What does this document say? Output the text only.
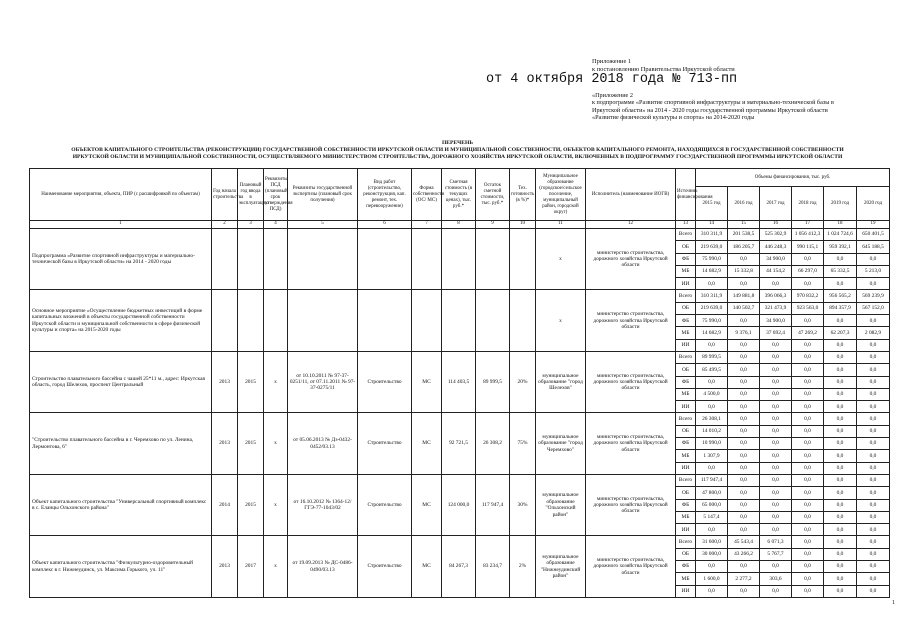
Приложение 1
к постановлению Правительства Иркутской области
от 4 октября 2018 года № 713-пп
«Приложение 2
к подпрограмме «Развитие спортивной инфраструктуры и материально-технической базы в
Иркутской области» на 2014 - 2020 годы государственной программы Иркутской области
«Развитие физической культуры и спорта» на 2014-2020 годы
ПЕРЕЧЕНЬ
ОБЪЕКТОВ КАПИТАЛЬНОГО СТРОИТЕЛЬСТВА (РЕКОНСТРУКЦИИ) ГОСУДАРСТВЕННОЙ СОБСТВЕННОСТИ ИРКУТСКОЙ ОБЛАСТИ И МУНИЦИПАЛЬНОЙ СОБСТВЕННОСТИ, ОБЪЕКТОВ КАПИТАЛЬНОГО РЕМОНТА, НАХОДЯЩИХСЯ В ГОСУДАРСТВЕННОЙ СОБСТВЕННОСТИ
ИРКУТСКОЙ ОБЛАСТИ И МУНИЦИПАЛЬНОЙ СОБСТВЕННОСТИ, ОСУЩЕСТВЛЯЕМОГО МИНИСТЕРСТВОМ СТРОИТЕЛЬСТВА, ДОРОЖНОГО ХОЗЯЙСТВА ИРКУТСКОЙ ОБЛАСТИ, ВКЛЮЧЕННЫХ В ПОДПРОГРАММУ ГОСУДАРСТВЕННОЙ ПРОГРАММЫ ИРКУТСКОЙ ОБЛАСТИ
Наименование мероприятия, объекта, ПИР (с расшифровкой по объектам)	Год начала строительства	Плановый год ввода в эксплуатацию	Реквизиты ПСД (плановый срок утверждения ПСД)	Реквизиты государственной экспертизы (плановый срок получения)	Вид работ (строительство, реконструкция, кап. ремонт, тех. перевооружение)	Форма собственности (ОС/ МС)	Сметная стоимость (в текущих ценах), тыс. руб.*	Остаток сметной стоимости, тыс. руб.*	Тех. готовность (в %)*	Муниципальное образование (городское/сельское поселение, муниципальный район, городской округ)	Исполнитель (наименование ИОГВ)	Источник финансирования	Объемы финансирования, тыс. руб.					
													2015 год	2016 год	2017 год	2018 год	2019 год	2020 год
1	2	3	4	5	6	7	8	9	10	11	12	13	14	15	16	17	18	19
Подпрограмма «Развитие спортивной инфраструктуры и материально-технической базы в Иркутской области» на 2014 - 2020 годы										х	министерство строительства, дорожного хозяйства Иркутской области	Всего	310 311,9	201 538,5	525 302,9	1 056 412,3	1 024 724,6	650 401,5
												ОБ	219 639,0	186 205,7	446 248,3	990 115,1	959 392,1	645 188,5
												ФБ	75 990,0	0,0	34 900,0	0,0	0,0	0,0
												МБ	14 682,9	15 332,8	44 154,2	66 297,0	65 332,5	5 213,0
												ИИ	0,0	0,0	0,0	0,0	0,0	0,0
Основное мероприятие «Осуществление бюджетных инвестиций в форме капитальных вложений в объекты государственной собственности Иркутской области и муниципальной собственности в сфере физической культуры и спорта» на 2015-2020 годы										х	министерство строительства, дорожного хозяйства Иркутской области	Всего	310 311,9	149 881,8	396 066,3	970 832,2	956 565,2	569 239,9
												ОБ	219 639,0	140 502,7	321 473,9	923 563,0	894 357,9	567 152,0
												ФБ	75 990,0	0,0	34 900,0	0,0	0,0	0,0
												МБ	14 682,9	9 376,1	37 692,4	47 269,2	62 207,3	2 082,9
												ИИ	0,0	0,0	0,0	0,0	0,0	0,0
Строительство плавательного бассейна с чашей 25*11 м., адрес: Иркутская область, город Шелехов, проспект Центральный	2013	2015	х	от 10.10.2011 № 97-37-0251/11, от 07.11.2011 № 97-37-0275/11	Строительство	МС	114 403,5	89 999,5	20%	муниципальное образование "город Шелехов"	министерство строительства, дорожного хозяйства Иркутской области	Всего	89 999,5	0,0	0,0	0,0	0,0	0,0
												ОБ	85 499,5	0,0	0,0	0,0	0,0	0,0
												ФБ	0,0	0,0	0,0	0,0	0,0	0,0
												МБ	4 500,0	0,0	0,0	0,0	0,0	0,0
												ИИ	0,0	0,0	0,0	0,0	0,0	0,0
"Строительство плавательного бассейна в г. Черемхово по ул. Ленина, Лермонтова, 6"	2013	2015	х	от 05.06.2013 № Дз-0432-0452/03.13	Строительство	МС	92 721,5	26 308,2	75%	муниципальное образование "город Черемхово"	министерство строительства, дорожного хозяйства Иркутской области	Всего	26 308,1	0,0	0,0	0,0	0,0	0,0
												ОБ	14 010,2	0,0	0,0	0,0	0,0	0,0
												ФБ	10 990,0	0,0	0,0	0,0	0,0	0,0
												МБ	1 307,9	0,0	0,0	0,0	0,0	0,0
												ИИ	0,0	0,0	0,0	0,0	0,0	0,0
Объект капитального строительства "Универсальный спортивный комплекс в с. Еланцы Ольхонского района"	2014	2015	х	от 16.10.2012 № 1364-12/ГГЭ-77-1043/02	Строительство	МС	124 000,0	117 947,4	30%	муниципальное образование "Ольхонский район"	министерство строительства, дорожного хозяйства Иркутской области	Всего	117 947,4	0,0	0,0	0,0	0,0	0,0
												ОБ	47 800,0	0,0	0,0	0,0	0,0	0,0
												ФБ	65 000,0	0,0	0,0	0,0	0,0	0,0
												МБ	5 147,4	0,0	0,0	0,0	0,0	0,0
												ИИ	0,0	0,0	0,0	0,0	0,0	0,0
Объект капитального строительства "Физкультурно-оздоровительный комплекс в г. Нижнеудинск, ул. Максима Горького, уч. 11"	2013	2017	х	от 19.09.2013 № ДС-0486-0490/03.13	Строительство	МС	84 267,3	83 234,7	2%	муниципальное образование "Нижнеудинский район"	министерство строительства, дорожного хозяйства Иркутской области	Всего	31 600,0	45 543,4	6 071,3	0,0	0,0	0,0
												ОБ	30 000,0	43 266,2	5 767,7	0,0	0,0	0,0
												ФБ	0,0	0,0	0,0	0,0	0,0	0,0
												МБ	1 600,0	2 277,2	303,6	0,0	0,0	0,0
												ИИ	0,0	0,0	0,0	0,0	0,0	0,0
1
